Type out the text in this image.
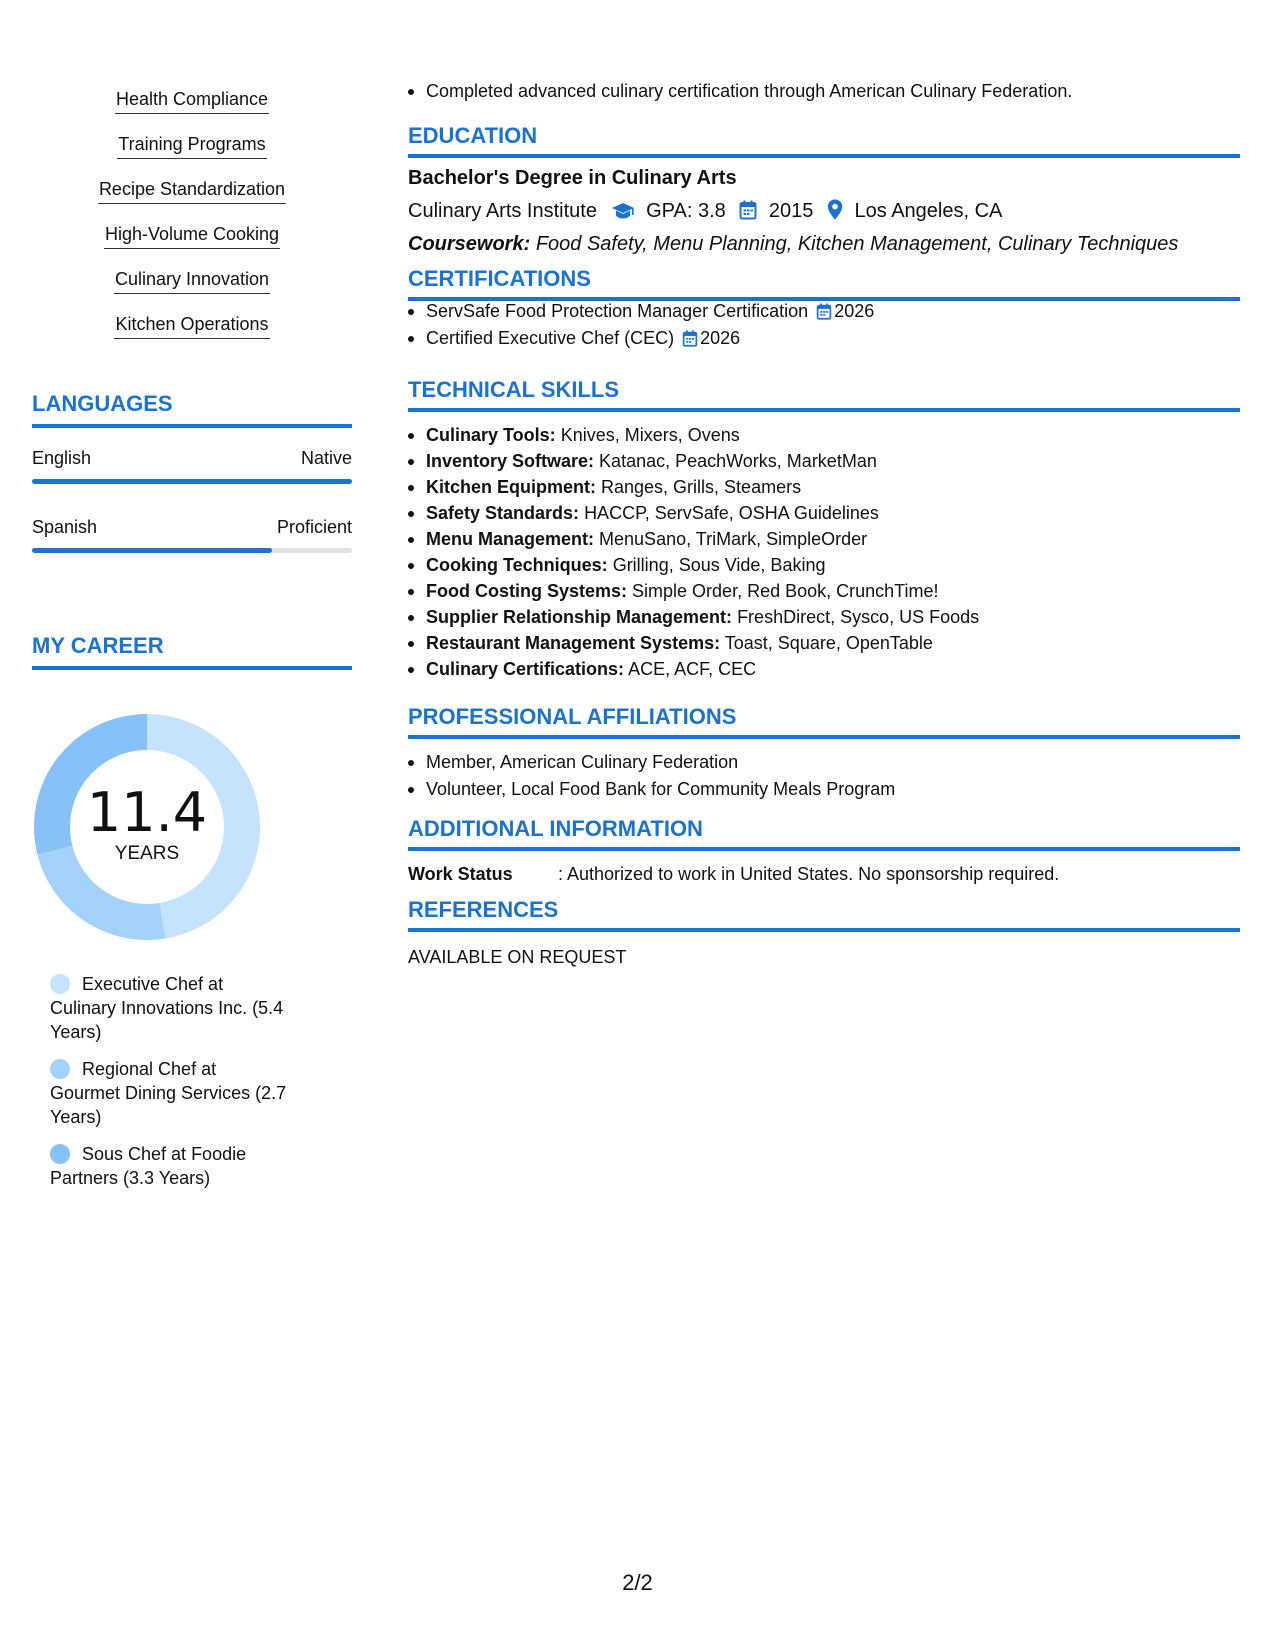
Health Compliance
Training Programs
Recipe Standardization
High-Volume Cooking
Culinary Innovation
Kitchen Operations
LANGUAGES
English	Native
Spanish	Proficient
MY CAREER
11.4
YEARS
Executive Chef at Culinary Innovations Inc. (5.4 Years)
Regional Chef at Gourmet Dining Services (2.7 Years)
Sous Chef at Foodie Partners (3.3 Years)
Completed advanced culinary certification through American Culinary Federation.
EDUCATION
Bachelor's Degree in Culinary Arts
Culinary Arts Institute GPA: 3.8 2015 Los Angeles, CA
Coursework: Food Safety, Menu Planning, Kitchen Management, Culinary Techniques
CERTIFICATIONS
ServSafe Food Protection Manager Certification 2026
Certified Executive Chef (CEC) 2026
TECHNICAL SKILLS
Culinary Tools: Knives, Mixers, Ovens
Inventory Software: Katanac, PeachWorks, MarketMan
Kitchen Equipment: Ranges, Grills, Steamers
Safety Standards: HACCP, ServSafe, OSHA Guidelines
Menu Management: MenuSano, TriMark, SimpleOrder
Cooking Techniques: Grilling, Sous Vide, Baking
Food Costing Systems: Simple Order, Red Book, CrunchTime!
Supplier Relationship Management: FreshDirect, Sysco, US Foods
Restaurant Management Systems: Toast, Square, OpenTable
Culinary Certifications: ACE, ACF, CEC
PROFESSIONAL AFFILIATIONS
Member, American Culinary Federation
Volunteer, Local Food Bank for Community Meals Program
ADDITIONAL INFORMATION
Work Status	: Authorized to work in United States. No sponsorship required.
REFERENCES
AVAILABLE ON REQUEST
2/2
